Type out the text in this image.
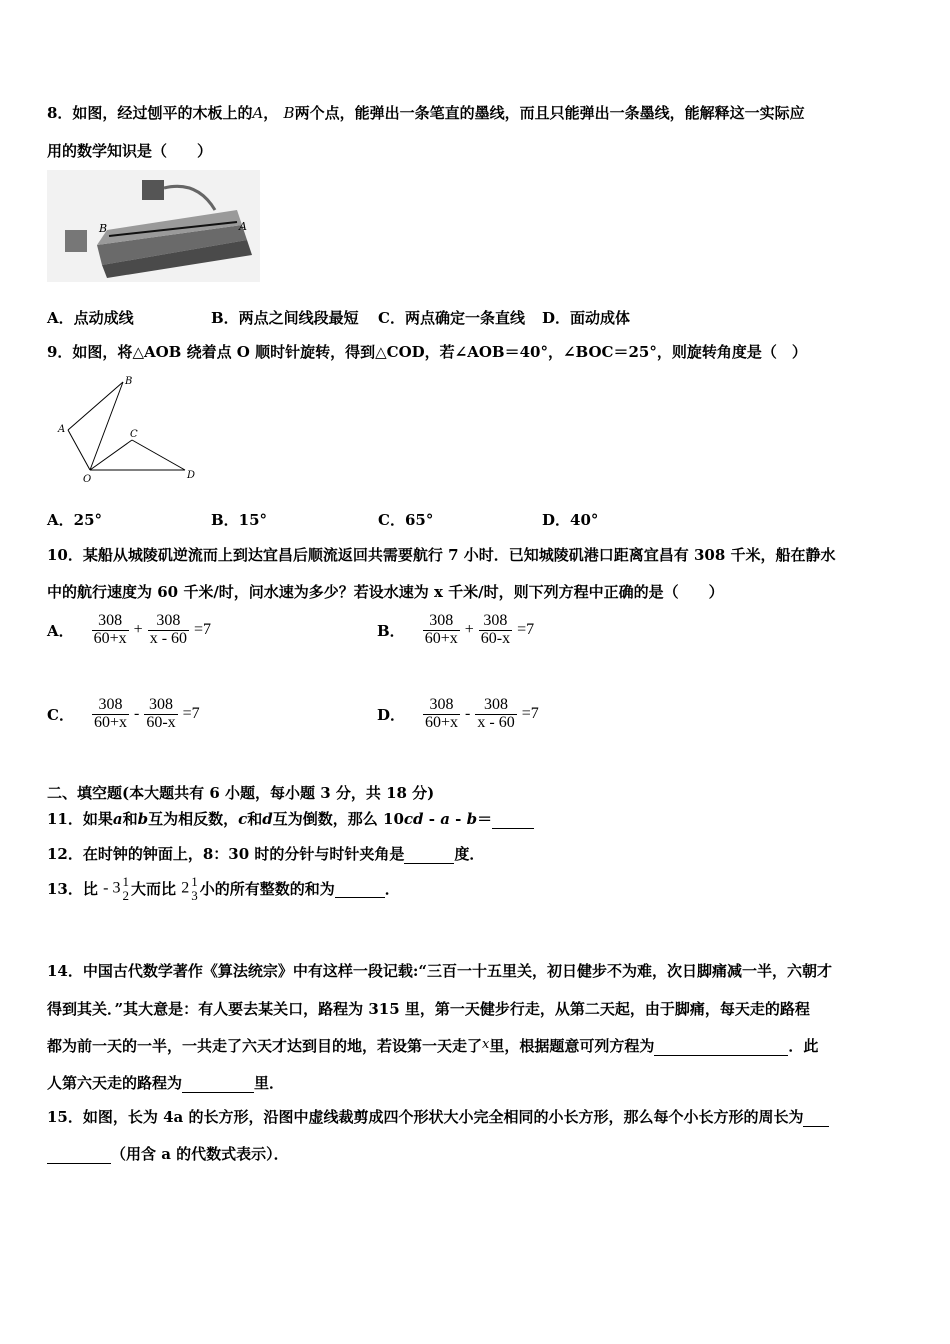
8．如图，经过刨平的木板上的A， B两个点，能弹出一条笔直的墨线，而且只能弹出一条墨线，能解释这一实际应
用的数学知识是（　　）
B	A
A．点动成线	B．两点之间线段最短 C．两点确定一条直线 D．面动成体
9．如图，将△AOB 绕着点 O 顺时针旋转，得到△COD，若∠AOB＝40°，∠BOC＝25°，则旋转角度是（　）
A
B
C
O	D
A．25°	B．15°	C．65°	D．40°
10．某船从城陵矶逆流而上到达宜昌后顺流返回共需要航行 7 小时．已知城陵矶港口距离宜昌有 308 千米，船在静水
中的航行速度为 60 千米/时，问水速为多少？若设水速为 x 千米/时，则下列方程中正确的是（　　）
A． $\frac{308}{60+x} + \frac{308}{x - 60} =7$	B． $\frac{308}{60+x} + \frac{308}{60-x} =7$
C． $\frac{308}{60+x} - \frac{308}{60-x} =7$	D． $\frac{308}{60+x} - \frac{308}{x - 60} =7$
二、填空题(本大题共有 6 小题，每小题 3 分，共 18 分)
11．如果a和b互为相反数，c和d互为倒数，那么 10cd - a - b＝
12．在时钟的钟面上，8：30 时的分针与时针夹角是	度．
13．比 - 3 1
2 大而比 2 1
3 小的所有整数的和为	．
14．中国古代数学著作《算法统宗》中有这样一段记载:“三百一十五里关，初日健步不为难，次日脚痛减一半，六朝才
得到其关．”其大意是：有人要去某关口，路程为 315 里，第一天健步行走，从第二天起，由于脚痛，每天走的路程
都为前一天的一半，一共走了六天才达到目的地，若设第一天走了x里，根据题意可列方程为	．此
人第六天走的路程为	里．
15．如图，长为 4a 的长方形，沿图中虚线裁剪成四个形状大小完全相同的小长方形，那么每个小长方形的周长为
（用含 a 的代数式表示）．
